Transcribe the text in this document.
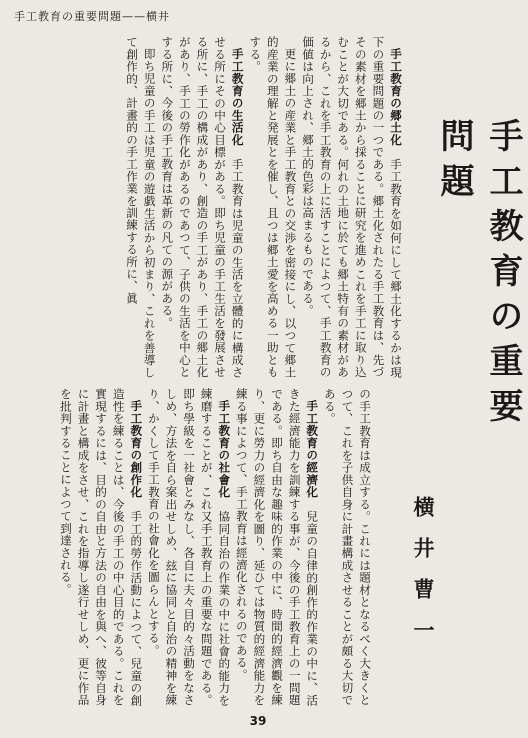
手工教育の重要問題——横井
手工教育の重要問題

手工教育の郷土化　手工教育を如何にして郷土化するかは現下の重要問題の一つである。郷土化されたる手工教育は、先づその素材を郷土から採ることに研究を進めこれを手工に取り込むことが大切である。何れの土地に於ても郷土特有の素材があるから、これを手工教育の上に活すことによつて、手工教育の価値は向上され、郷土的色彩は高まるものである。

更に郷土の産業と手工教育との交渉を密接にし、以つて郷土的産業の理解と発展とを催し、且つは郷土愛を高める一助ともする。

手工教育の生活化　手工教育は児童の生活を立體的に構成させる所にその中心目標がある。即ち児童の手工生活を發展させる所に、手工の構成があり、創造の手工があり、手工の郷土化があり、手工の勞作化があるのであつて、子供の生活を中心とする所に、今後の手工教育は革新の凡ての源がある。

即ち児童の手工は児童の遊戯生活から初まり、これを善導して創作的、計畫的の手工作業を訓練する所に、眞

の手工教育は成立する。これには題材となるべく大きくとつて、これを子供自身に計畫構成させることが頗る大切である。

手工教育の經濟化　兒童の自律的創作的作業の中に、活きた經濟能力を訓練する事が、今後の手工教育上の一問題である。即ち自由な趣味的作業の中に、時間的經濟觀を練り、更に勞力の經濟化を圖り、延ひては物質的經濟能力を練る事によつて、手工教育は經濟化されるのである。

手工教育の社會化　協同自治の作業の中に社會的能力を練磨することが、これ又手工教育上の重要な問題である。即ち學級を一社會とみなし、各自に夫々目的々活動をなさしめ、方法を自ら案出せしめ、玆に協同と自治の精神を練り、かくして手工教育の社會化を圖らんとする。

手工教育の創作化　手工的勞作活動によつて、兒童の創造性を練ることは、今後の手工の中心目的である。これを實現するには、目的の自由と方法の自由を與へ、彼等自身に計畫と構成をさせ、これを指導し遂行せしめ、更に作品を批判することによつて到達される。	横井曹一
39
